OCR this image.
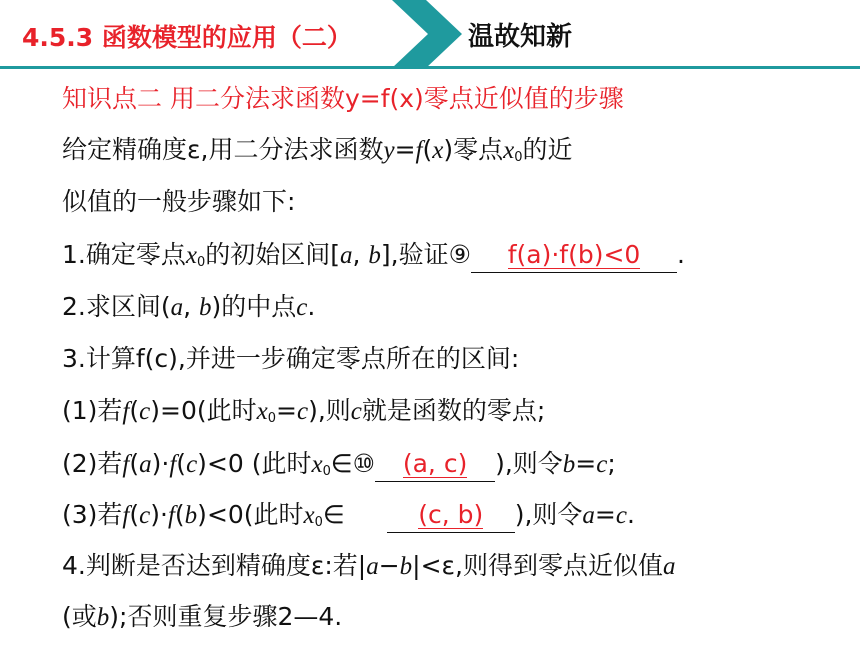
4.5.3 函数模型的应用（二）	温故知新
知识点二 用二分法求函数y=f(x)零点近似值的步骤
给定精确度ε,用二分法求函数y=f(x)零点$x_0$的近
似值的一般步骤如下:
1.确定零点$x_0$的初始区间[a, b],验证⑨ f(a)·f(b)<0 .
2.求区间(a, b)的中点c.
3.计算f(c),并进一步确定零点所在的区间:
(1)若f(c)=0(此时$x_0=c$),则c就是函数的零点;
(2)若f(a)·f(c)<0 (此时$x_0\in ⑩$ (a, c) ),则令b=c;
(3)若f(c)·f(b)<0(此时$x_0\in$	(c, b) ),则令a=c.
4.判断是否达到精确度ε:若|a−b|<ε,则得到零点近似值a
(或b);否则重复步骤2—4.
